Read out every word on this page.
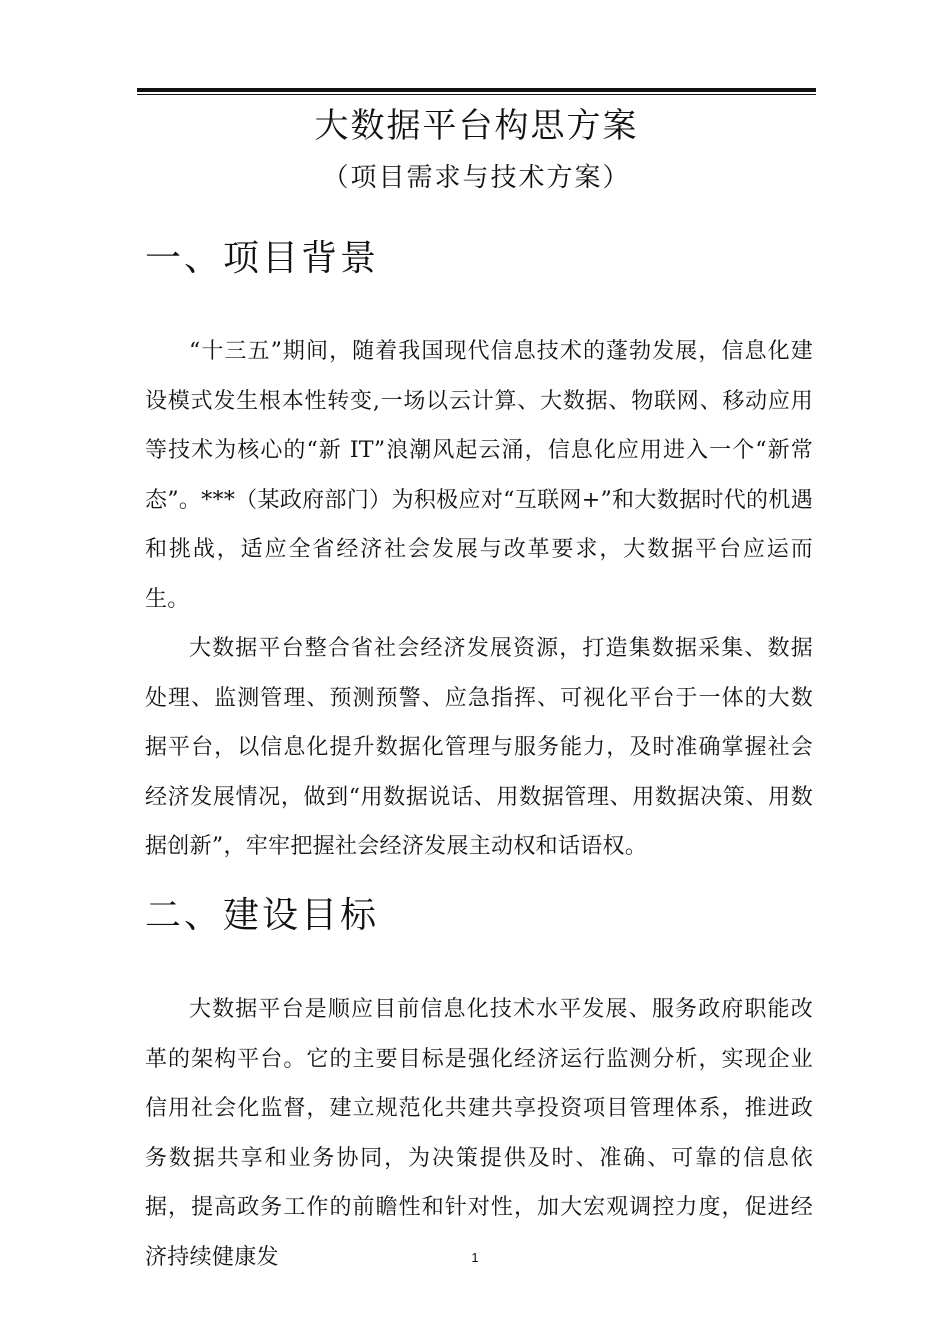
大数据平台构思方案

（项目需求与技术方案）

一、项目背景

“十三五”期间，随着我国现代信息技术的蓬勃发展，信息化建设模式发生根本性转变,一场以云计算、大数据、物联网、移动应用等技术为核心的“新 IT”浪潮风起云涌，信息化应用进入一个“新常态”。***（某政府部门）为积极应对“互联网+”和大数据时代的机遇和挑战，适应全省经济社会发展与改革要求，大数据平台应运而生。

大数据平台整合省社会经济发展资源，打造集数据采集、数据处理、监测管理、预测预警、应急指挥、可视化平台于一体的大数据平台，以信息化提升数据化管理与服务能力，及时准确掌握社会经济发展情况，做到“用数据说话、用数据管理、用数据决策、用数据创新”，牢牢把握社会经济发展主动权和话语权。

二、建设目标

大数据平台是顺应目前信息化技术水平发展、服务政府职能改革的架构平台。它的主要目标是强化经济运行监测分析，实现企业信用社会化监督，建立规范化共建共享投资项目管理体系，推进政务数据共享和业务协同，为决策提供及时、准确、可靠的信息依据，提高政务工作的前瞻性和针对性，加大宏观调控力度，促进经济持续健康发	1
